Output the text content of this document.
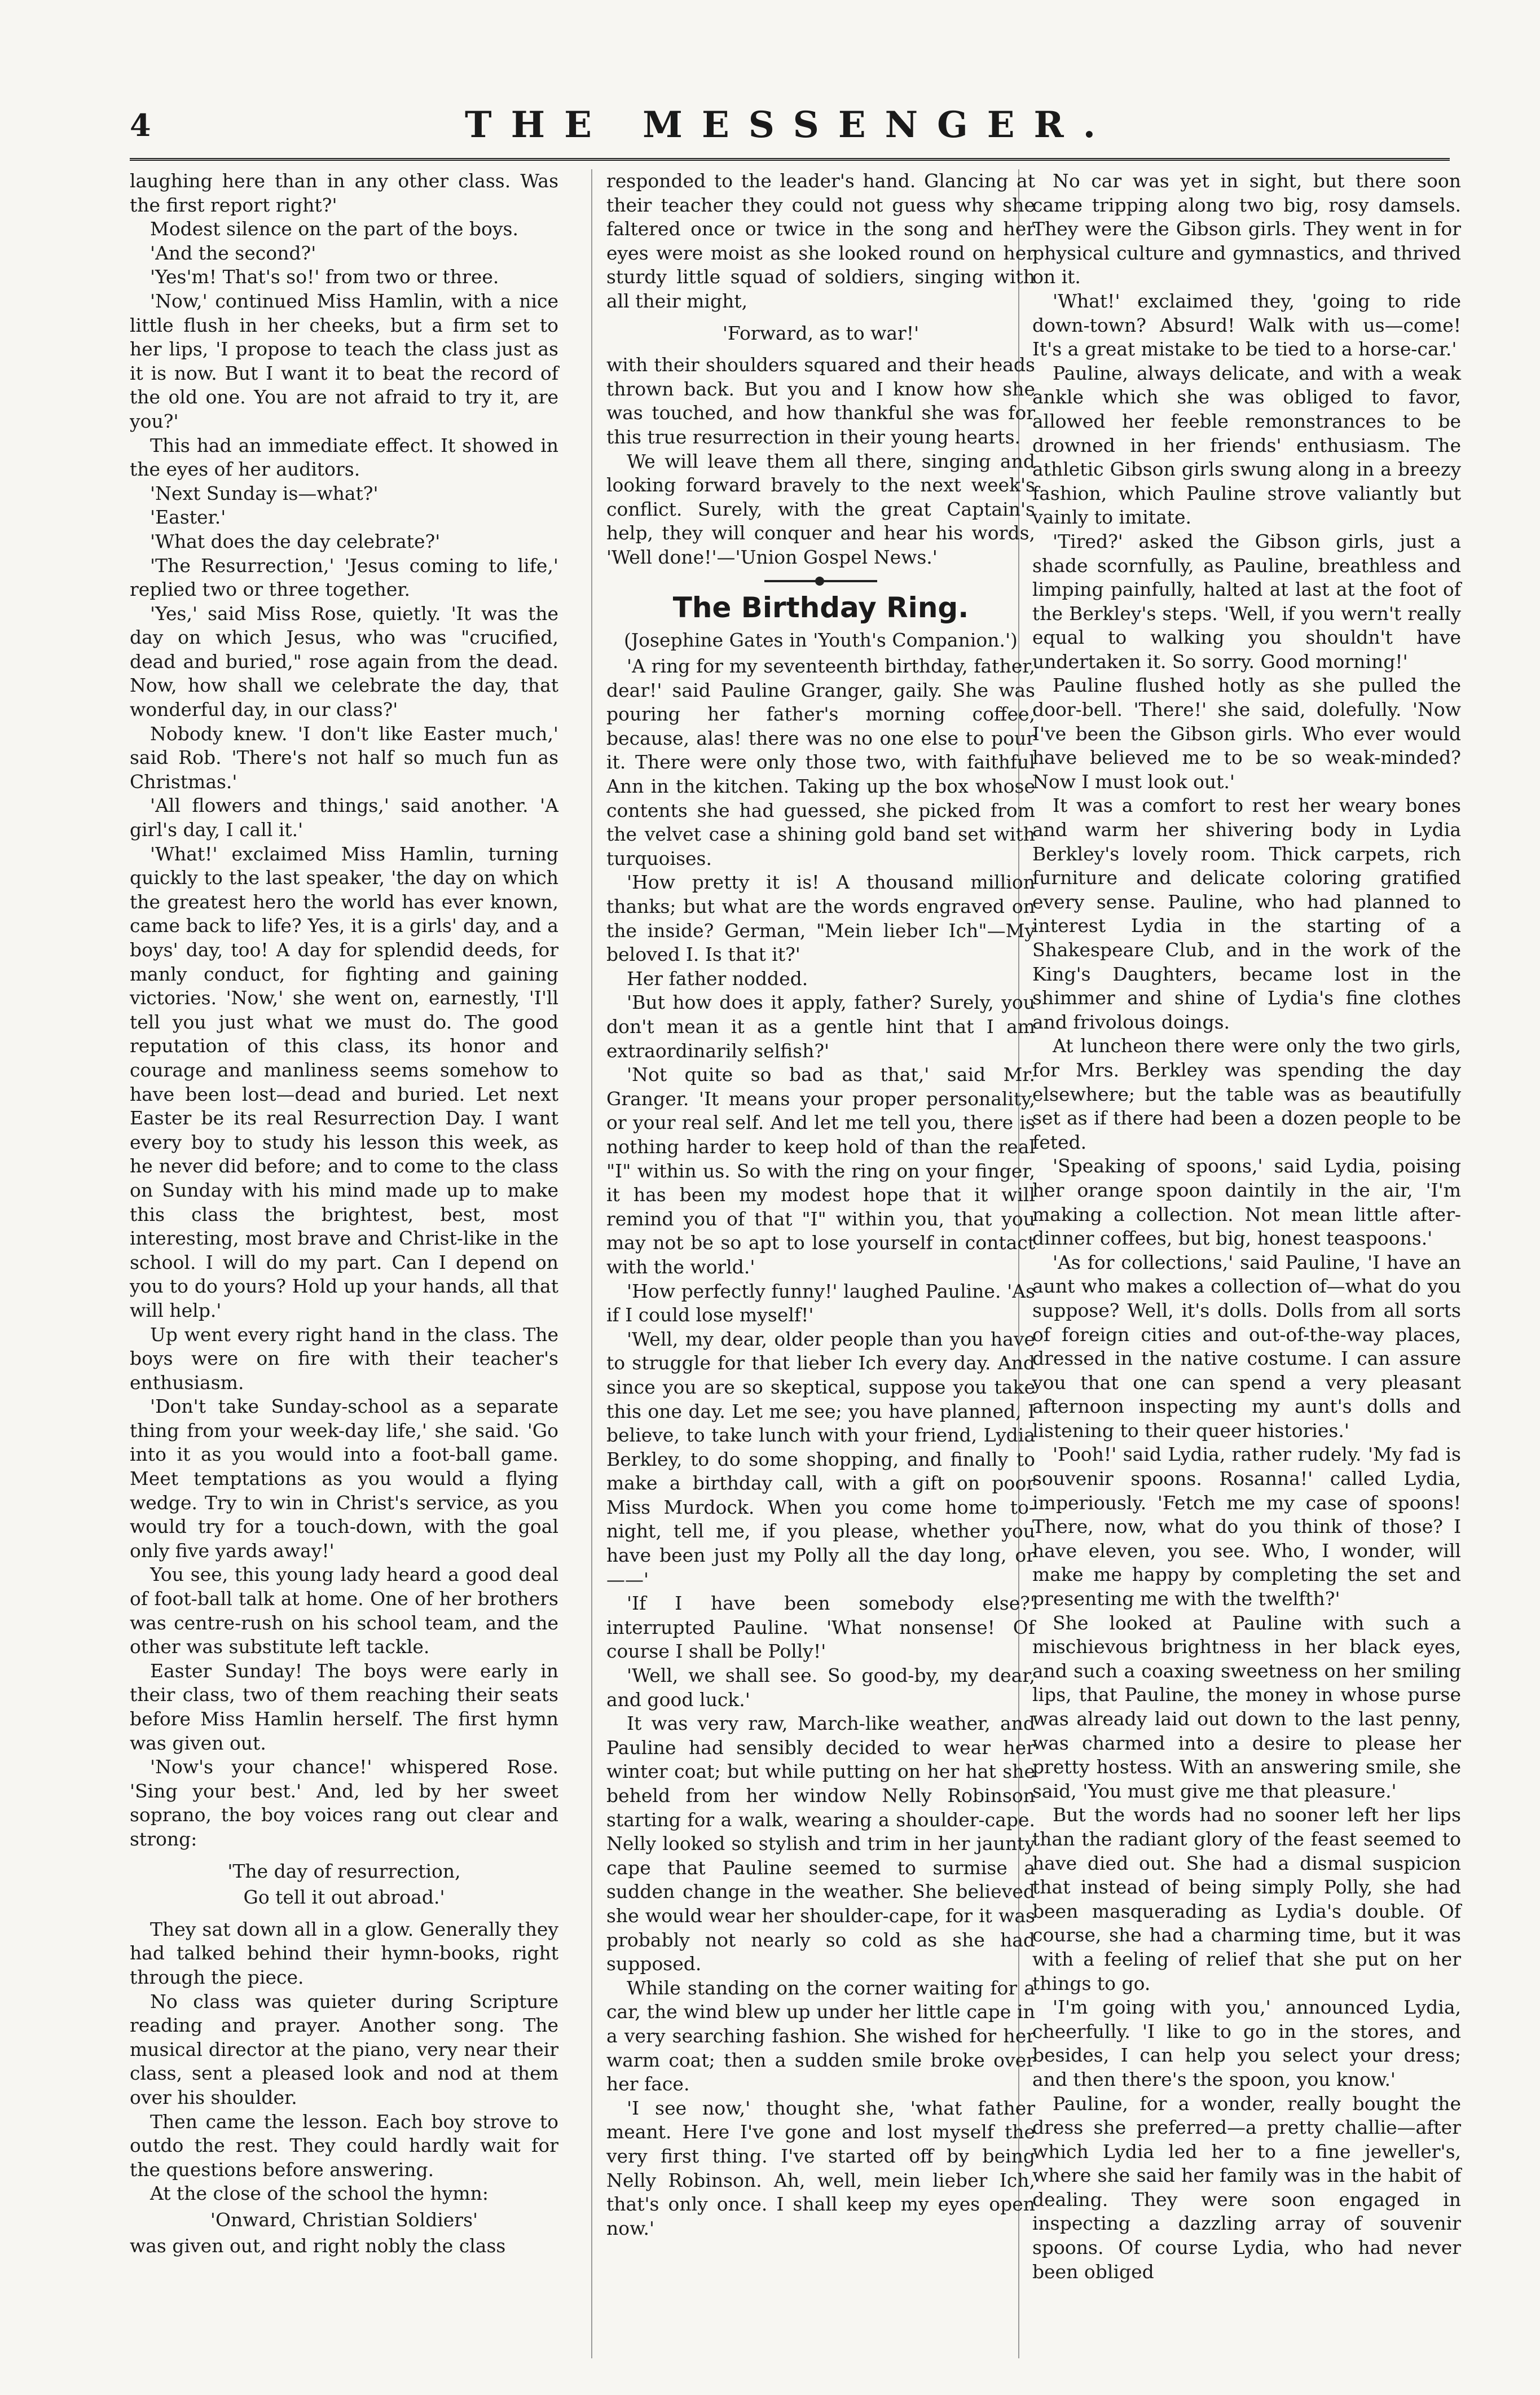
4	THE MESSENGER.

laughing here than in any other class. Was the first report right?'

Modest silence on the part of the boys.

'And the second?'

'Yes'm! That's so!' from two or three.

'Now,' continued Miss Hamlin, with a nice little flush in her cheeks, but a firm set to her lips, 'I propose to teach the class just as it is now. But I want it to beat the record of the old one. You are not afraid to try it, are you?'

This had an immediate effect. It showed in the eyes of her auditors.

'Next Sunday is—what?'

'Easter.'

'What does the day celebrate?'

'The Resurrection,' 'Jesus coming to life,' replied two or three together.

'Yes,' said Miss Rose, quietly. 'It was the day on which Jesus, who was "crucified, dead and buried," rose again from the dead. Now, how shall we celebrate the day, that wonderful day, in our class?'

Nobody knew. 'I don't like Easter much,' said Rob. 'There's not half so much fun as Christmas.'

'All flowers and things,' said another. 'A girl's day, I call it.'

'What!' exclaimed Miss Hamlin, turning quickly to the last speaker, 'the day on which the greatest hero the world has ever known, came back to life? Yes, it is a girls' day, and a boys' day, too! A day for splendid deeds, for manly conduct, for fighting and gaining victories. 'Now,' she went on, earnestly, 'I'll tell you just what we must do. The good reputation of this class, its honor and courage and manliness seems somehow to have been lost—dead and buried. Let next Easter be its real Resurrection Day. I want every boy to study his lesson this week, as he never did before; and to come to the class on Sunday with his mind made up to make this class the brightest, best, most interesting, most brave and Christ-like in the school. I will do my part. Can I depend on you to do yours? Hold up your hands, all that will help.'

Up went every right hand in the class. The boys were on fire with their teacher's enthusiasm.

'Don't take Sunday-school as a separate thing from your week-day life,' she said. 'Go into it as you would into a foot-ball game. Meet temptations as you would a flying wedge. Try to win in Christ's service, as you would try for a touch-down, with the goal only five yards away!'

You see, this young lady heard a good deal of foot-ball talk at home. One of her brothers was centre-rush on his school team, and the other was substitute left tackle.

Easter Sunday! The boys were early in their class, two of them reaching their seats before Miss Hamlin herself. The first hymn was given out.

'Now's your chance!' whispered Rose. 'Sing your best.' And, led by her sweet soprano, the boy voices rang out clear and strong:

'The day of resurrection,

Go tell it out abroad.'

They sat down all in a glow. Generally they had talked behind their hymn-books, right through the piece.

No class was quieter during Scripture reading and prayer. Another song. The musical director at the piano, very near their class, sent a pleased look and nod at them over his shoulder.

Then came the lesson. Each boy strove to outdo the rest. They could hardly wait for the questions before answering.

At the close of the school the hymn:

'Onward, Christian Soldiers'

was given out, and right nobly the class

responded to the leader's hand. Glancing at their teacher they could not guess why she faltered once or twice in the song and her eyes were moist as she looked round on her sturdy little squad of soldiers, singing with all their might,

'Forward, as to war!'

with their shoulders squared and their heads thrown back. But you and I know how she was touched, and how thankful she was for this true resurrection in their young hearts.

We will leave them all there, singing and looking forward bravely to the next week's conflict. Surely, with the great Captain's help, they will conquer and hear his words, 'Well done!'—'Union Gospel News.'

The Birthday Ring.

(Josephine Gates in 'Youth's Companion.')

'A ring for my seventeenth birthday, father, dear!' said Pauline Granger, gaily. She was pouring her father's morning coffee, because, alas! there was no one else to pour it. There were only those two, with faithful Ann in the kitchen. Taking up the box whose contents she had guessed, she picked from the velvet case a shining gold band set with turquoises.

'How pretty it is! A thousand million thanks; but what are the words engraved on the inside? German, "Mein lieber Ich"—My beloved I. Is that it?'

Her father nodded.

'But how does it apply, father? Surely, you don't mean it as a gentle hint that I am extraordinarily selfish?'

'Not quite so bad as that,' said Mr. Granger. 'It means your proper personality, or your real self. And let me tell you, there is nothing harder to keep hold of than the real "I" within us. So with the ring on your finger, it has been my modest hope that it will remind you of that "I" within you, that you may not be so apt to lose yourself in contact with the world.'

'How perfectly funny!' laughed Pauline. 'As if I could lose myself!'

'Well, my dear, older people than you have to struggle for that lieber Ich every day. And since you are so skeptical, suppose you take this one day. Let me see; you have planned, I believe, to take lunch with your friend, Lydia Berkley, to do some shopping, and finally to make a birthday call, with a gift on poor Miss Murdock. When you come home to-night, tell me, if you please, whether you have been just my Polly all the day long, or——'

'If I have been somebody else?' interrupted Pauline. 'What nonsense! Of course I shall be Polly!'

'Well, we shall see. So good-by, my dear, and good luck.'

It was very raw, March-like weather, and Pauline had sensibly decided to wear her winter coat; but while putting on her hat she beheld from her window Nelly Robinson starting for a walk, wearing a shoulder-cape. Nelly looked so stylish and trim in her jaunty cape that Pauline seemed to surmise a sudden change in the weather. She believed she would wear her shoulder-cape, for it was probably not nearly so cold as she had supposed.

While standing on the corner waiting for a car, the wind blew up under her little cape in a very searching fashion. She wished for her warm coat; then a sudden smile broke over her face.

'I see now,' thought she, 'what father meant. Here I've gone and lost myself the very first thing. I've started off by being Nelly Robinson. Ah, well, mein lieber Ich, that's only once. I shall keep my eyes open now.'

No car was yet in sight, but there soon came tripping along two big, rosy damsels. They were the Gibson girls. They went in for physical culture and gymnastics, and thrived on it.

'What!' exclaimed they, 'going to ride down-town? Absurd! Walk with us—come! It's a great mistake to be tied to a horse-car.'

Pauline, always delicate, and with a weak ankle which she was obliged to favor, allowed her feeble remonstrances to be drowned in her friends' enthusiasm. The athletic Gibson girls swung along in a breezy fashion, which Pauline strove valiantly but vainly to imitate.

'Tired?' asked the Gibson girls, just a shade scornfully, as Pauline, breathless and limping painfully, halted at last at the foot of the Berkley's steps. 'Well, if you wern't really equal to walking you shouldn't have undertaken it. So sorry. Good morning!'

Pauline flushed hotly as she pulled the door-bell. 'There!' she said, dolefully. 'Now I've been the Gibson girls. Who ever would have believed me to be so weak-minded? Now I must look out.'

It was a comfort to rest her weary bones and warm her shivering body in Lydia Berkley's lovely room. Thick carpets, rich furniture and delicate coloring gratified every sense. Pauline, who had planned to interest Lydia in the starting of a Shakespeare Club, and in the work of the King's Daughters, became lost in the shimmer and shine of Lydia's fine clothes and frivolous doings.

At luncheon there were only the two girls, for Mrs. Berkley was spending the day elsewhere; but the table was as beautifully set as if there had been a dozen people to be feted.

'Speaking of spoons,' said Lydia, poising her orange spoon daintily in the air, 'I'm making a collection. Not mean little after-dinner coffees, but big, honest teaspoons.'

'As for collections,' said Pauline, 'I have an aunt who makes a collection of—what do you suppose? Well, it's dolls. Dolls from all sorts of foreign cities and out-of-the-way places, dressed in the native costume. I can assure you that one can spend a very pleasant afternoon inspecting my aunt's dolls and listening to their queer histories.'

'Pooh!' said Lydia, rather rudely. 'My fad is souvenir spoons. Rosanna!' called Lydia, imperiously. 'Fetch me my case of spoons! There, now, what do you think of those? I have eleven, you see. Who, I wonder, will make me happy by completing the set and presenting me with the twelfth?'

She looked at Pauline with such a mischievous brightness in her black eyes, and such a coaxing sweetness on her smiling lips, that Pauline, the money in whose purse was already laid out down to the last penny, was charmed into a desire to please her pretty hostess. With an answering smile, she said, 'You must give me that pleasure.'

But the words had no sooner left her lips than the radiant glory of the feast seemed to have died out. She had a dismal suspicion that instead of being simply Polly, she had been masquerading as Lydia's double. Of course, she had a charming time, but it was with a feeling of relief that she put on her things to go.

'I'm going with you,' announced Lydia, cheerfully. 'I like to go in the stores, and besides, I can help you select your dress; and then there's the spoon, you know.'

Pauline, for a wonder, really bought the dress she preferred—a pretty challie—after which Lydia led her to a fine jeweller's, where she said her family was in the habit of dealing. They were soon engaged in inspecting a dazzling array of souvenir spoons. Of course Lydia, who had never been obliged
